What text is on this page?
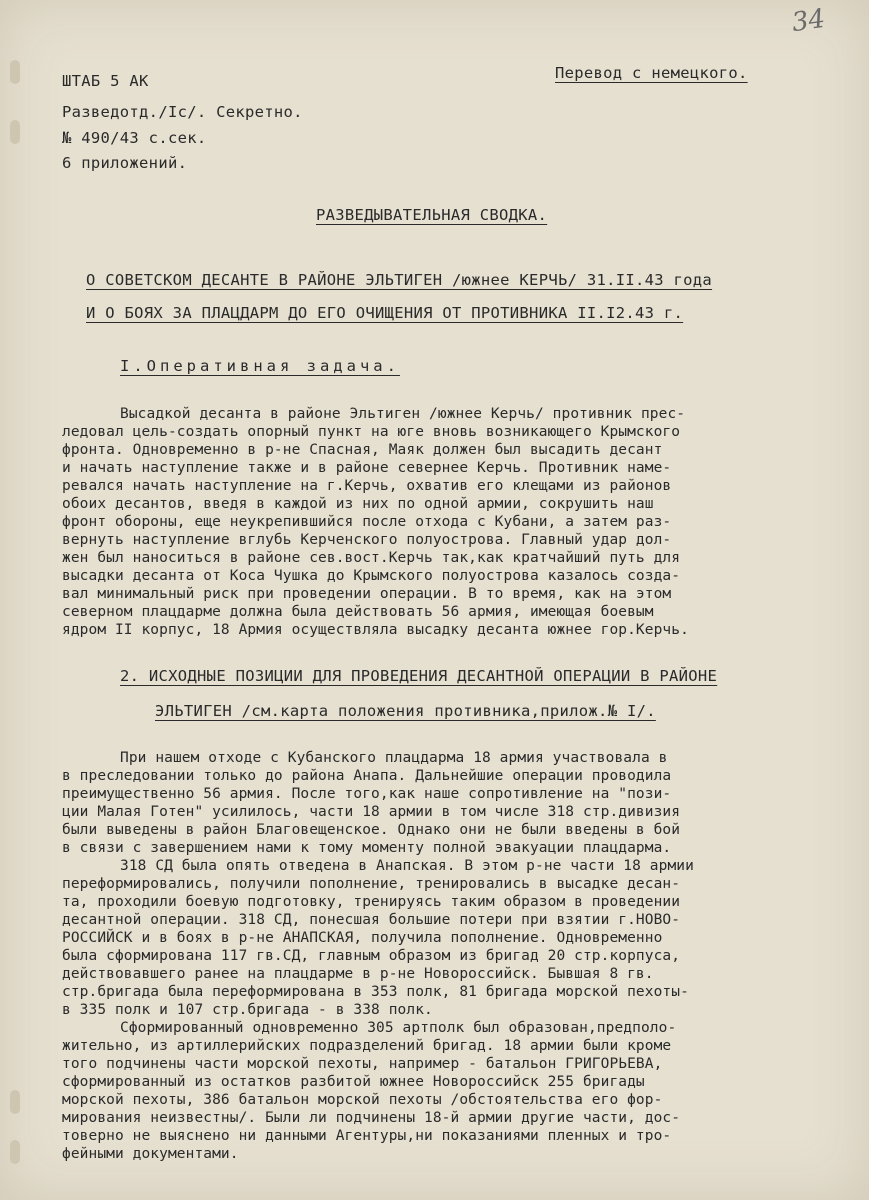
34
ШТАБ 5 АК
Разведотд./Ic/. Секретно.
№ 490/43 с.сек.
6 приложений.
Перевод с немецкого.
РАЗВЕДЫВАТЕЛЬНАЯ СВОДКА.
О СОВЕТСКОМ ДЕСАНТЕ В РАЙОНЕ ЭЛЬТИГЕН /южнее КЕРЧЬ/ 31.II.43 года
И О БОЯХ ЗА ПЛАЦДАРМ ДО ЕГО ОЧИЩЕНИЯ ОТ ПРОТИВНИКА II.I2.43 г.
I.Оперативная задача.
Высадкой десанта в районе Эльтиген /южнее Керчь/ противник прес-
ледовал цель-создать опорный пункт на юге вновь возникающего Крымского
фронта. Одновременно в р-не Спасная, Маяк должен был высадить десант
и начать наступление также и в районе севернее Керчь. Противник наме-
ревался начать наступление на г.Керчь, охватив его клещами из районов
обоих десантов, введя в каждой из них по одной армии, сокрушить наш
фронт обороны, еще неукрепившийся после отхода с Кубани, а затем раз-
вернуть наступление вглубь Керченского полуострова. Главный удар дол-
жен был наноситься в районе сев.вост.Керчь так,как кратчайший путь для
высадки десанта от Коса Чушка до Крымского полуострова казалось созда-
вал минимальный риск при проведении операции. В то время, как на этом
северном плацдарме должна была действовать 56 армия, имеющая боевым
ядром II корпус, 18 Армия осуществляла высадку десанта южнее гор.Керчь.
2. ИСХОДНЫЕ ПОЗИЦИИ ДЛЯ ПРОВЕДЕНИЯ ДЕСАНТНОЙ ОПЕРАЦИИ В РАЙОНЕ
ЭЛЬТИГЕН /см.карта положения противника,прилож.№ I/.
При нашем отходе с Кубанского плацдарма 18 армия участвовала в
в преследовании только до района Анапа. Дальнейшие операции проводила
преимущественно 56 армия. После того,как наше сопротивление на "пози-
ции Малая Готен" усилилось, части 18 армии в том числе 318 стр.дивизия
были выведены в район Благовещенское. Однако они не были введены в бой
в связи с завершением нами к тому моменту полной эвакуации плацдарма.
318 СД была опять отведена в Анапская. В этом р-не части 18 армии
переформировались, получили пополнение, тренировались в высадке десан-
та, проходили боевую подготовку, тренируясь таким образом в проведении
десантной операции. 318 СД, понесшая большие потери при взятии г.НОВО-
РОССИЙСК и в боях в р-не АНАПСКАЯ, получила пополнение. Одновременно
была сформирована 117 гв.СД, главным образом из бригад 20 стр.корпуса,
действовавшего ранее на плацдарме в р-не Новороссийск. Бывшая 8 гв.
стр.бригада была переформирована в 353 полк, 81 бригада морской пехоты-
в 335 полк и 107 стр.бригада - в 338 полк.
Сформированный одновременно 305 артполк был образован,предполо-
жительно, из артиллерийских подразделений бригад. 18 армии были кроме
того подчинены части морской пехоты, например - батальон ГРИГОРЬЕВА,
сформированный из остатков разбитой южнее Новороссийск 255 бригады
морской пехоты, 386 батальон морской пехоты /обстоятельства его фор-
мирования неизвестны/. Были ли подчинены 18-й армии другие части, дос-
товерно не выяснено ни данными Агентуры,ни показаниями пленных и тро-
фейными документами.
